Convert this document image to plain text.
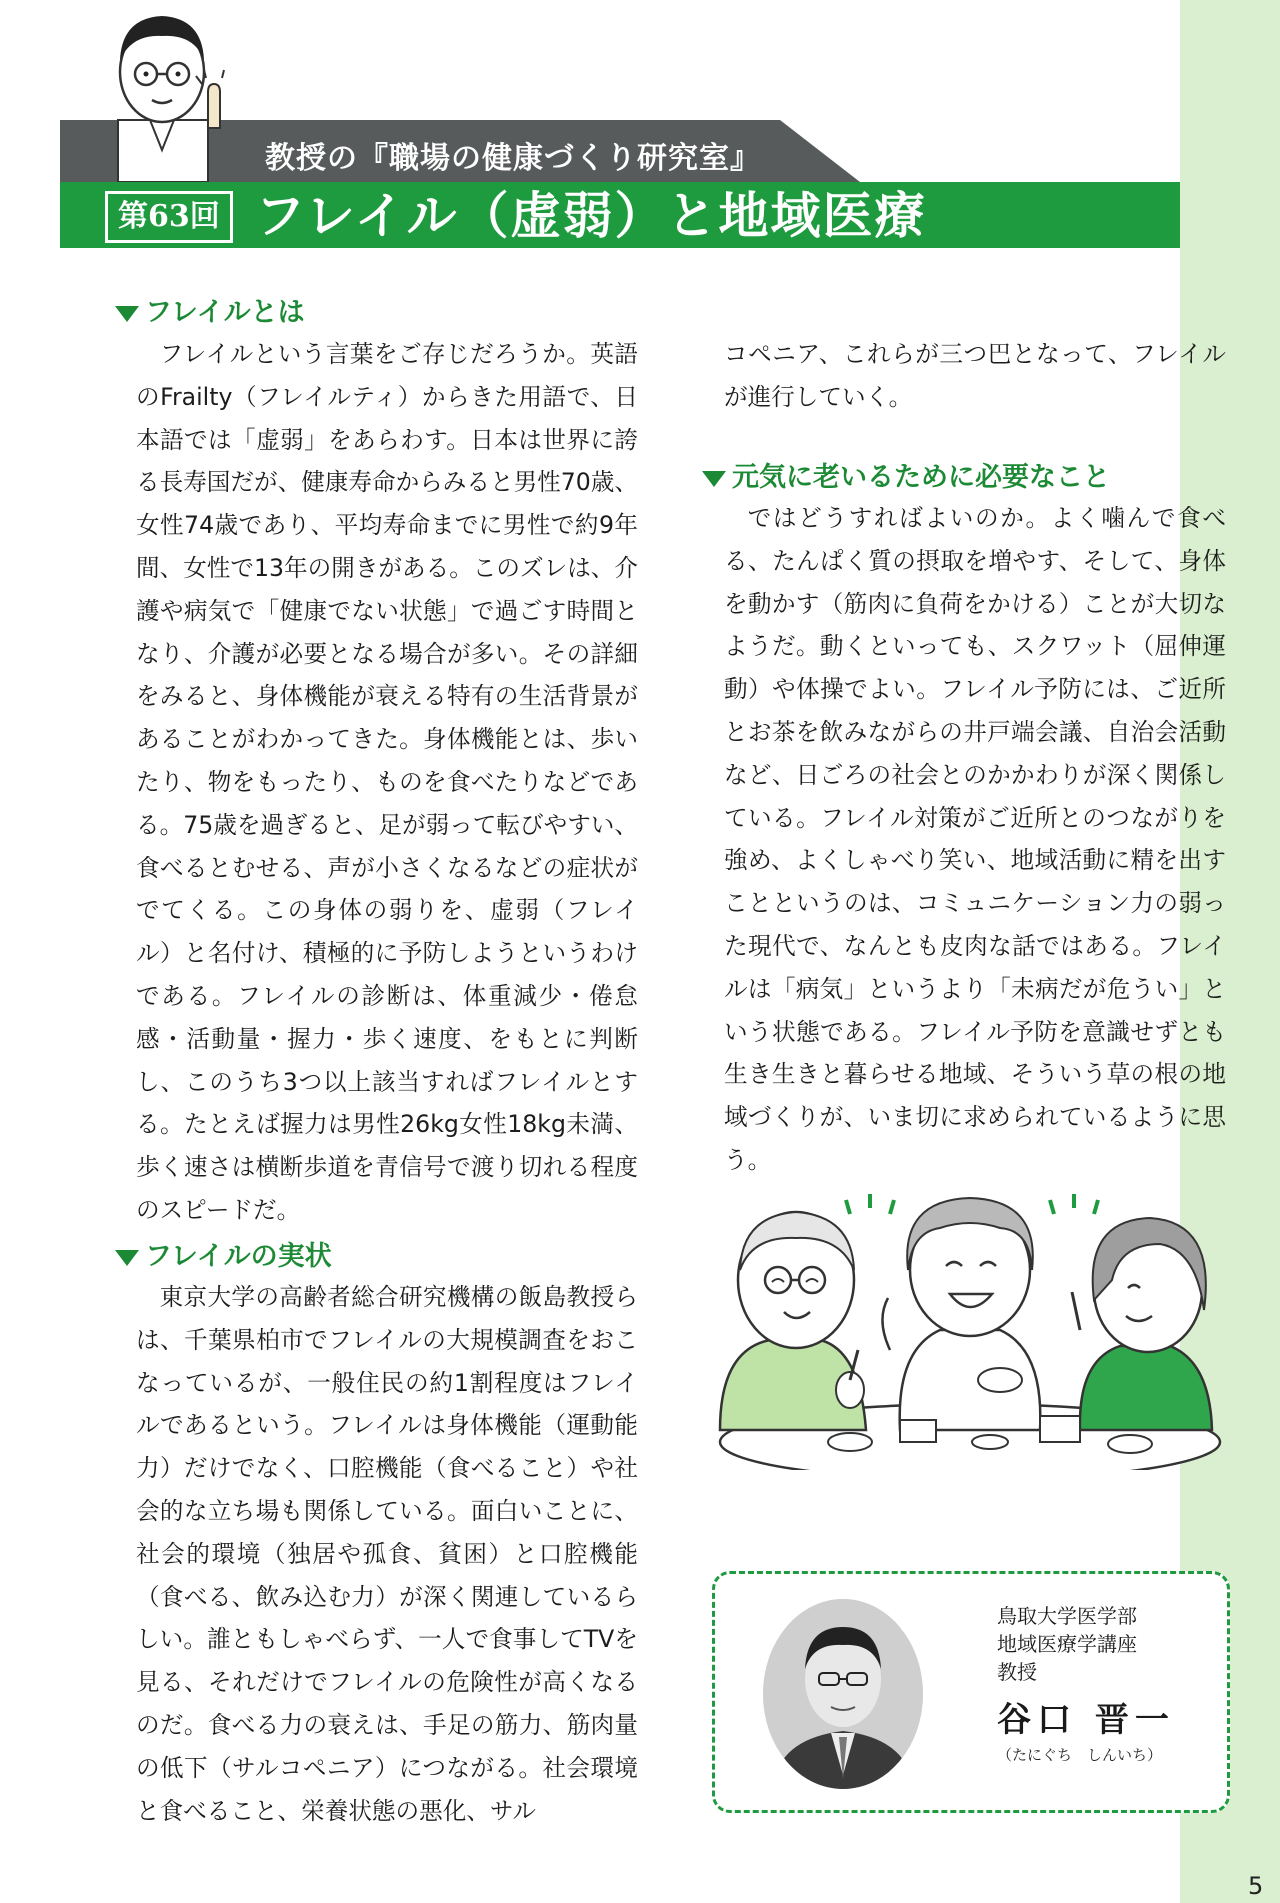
教授の『職場の健康づくり研究室』
第63回 フレイル（虚弱）と地域医療
フレイルとは

フレイルという言葉をご存じだろうか。英語のFrailty（フレイルティ）からきた用語で、日本語では「虚弱」をあらわす。日本は世界に誇る長寿国だが、健康寿命からみると男性70歳、女性74歳であり、平均寿命までに男性で約9年間、女性で13年の開きがある。このズレは、介護や病気で「健康でない状態」で過ごす時間となり、介護が必要となる場合が多い。その詳細をみると、身体機能が衰える特有の生活背景があることがわかってきた。身体機能とは、歩いたり、物をもったり、ものを食べたりなどである。75歳を過ぎると、足が弱って転びやすい、食べるとむせる、声が小さくなるなどの症状がでてくる。この身体の弱りを、虚弱（フレイル）と名付け、積極的に予防しようというわけである。フレイルの診断は、体重減少・倦怠感・活動量・握力・歩く速度、をもとに判断し、このうち3つ以上該当すればフレイルとする。たとえば握力は男性26kg女性18kg未満、歩く速さは横断歩道を青信号で渡り切れる程度のスピードだ。

フレイルの実状

東京大学の高齢者総合研究機構の飯島教授らは、千葉県柏市でフレイルの大規模調査をおこなっているが、一般住民の約1割程度はフレイルであるという。フレイルは身体機能（運動能力）だけでなく、口腔機能（食べること）や社会的な立ち場も関係している。面白いことに、社会的環境（独居や孤食、貧困）と口腔機能（食べる、飲み込む力）が深く関連しているらしい。誰ともしゃべらず、一人で食事してTVを見る、それだけでフレイルの危険性が高くなるのだ。食べる力の衰えは、手足の筋力、筋肉量の低下（サルコペニア）につながる。社会環境と食べること、栄養状態の悪化、サル

コペニア、これらが三つ巴となって、フレイルが進行していく。

元気に老いるために必要なこと

ではどうすればよいのか。よく噛んで食べる、たんぱく質の摂取を増やす、そして、身体を動かす（筋肉に負荷をかける）ことが大切なようだ。動くといっても、スクワット（屈伸運動）や体操でよい。フレイル予防には、ご近所とお茶を飲みながらの井戸端会議、自治会活動など、日ごろの社会とのかかわりが深く関係している。フレイル対策がご近所とのつながりを強め、よくしゃべり笑い、地域活動に精を出すことというのは、コミュニケーション力の弱った現代で、なんとも皮肉な話ではある。フレイルは「病気」というより「未病だが危うい」という状態である。フレイル予防を意識せずとも生き生きと暮らせる地域、そういう草の根の地域づくりが、いま切に求められているように思う。

鳥取大学医学部
地域医療学講座
教授
谷口 晋一
（たにぐち　しんいち）
5
